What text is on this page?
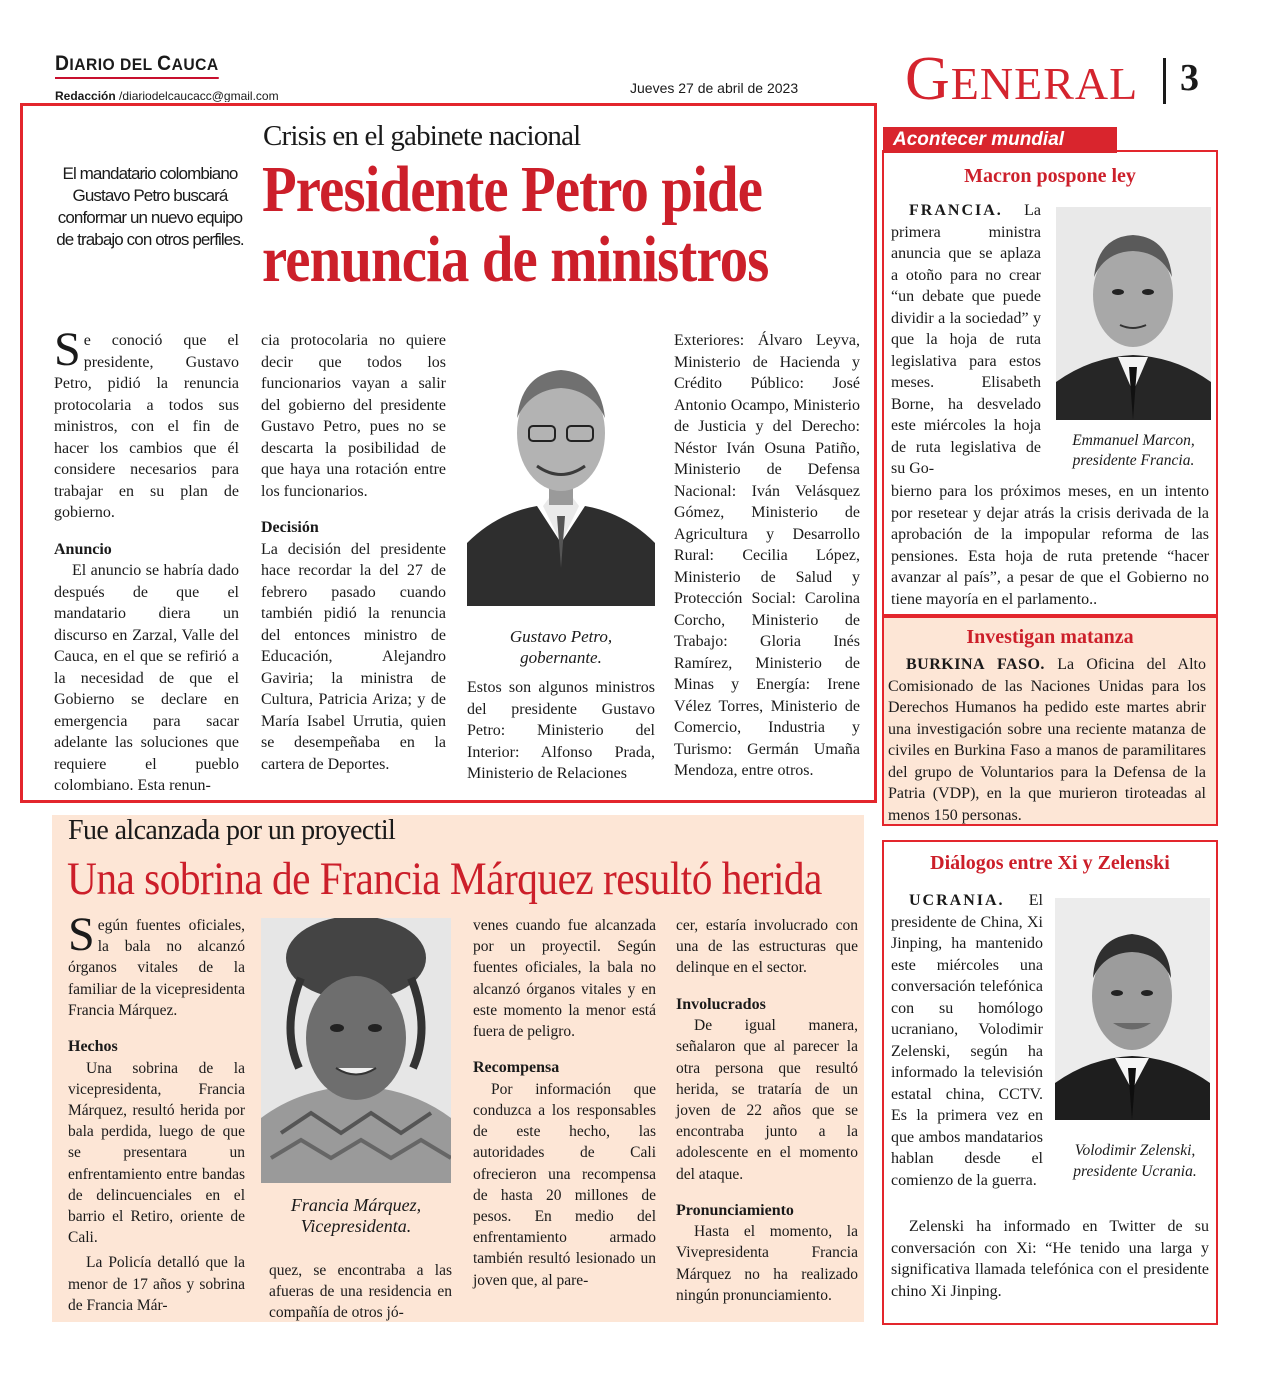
DIARIO DEL CAUCA
Redacción /diariodelcaucacc@gmail.com	Jueves 27 de abril de 2023 GENERAL 3
Crisis en el gabinete nacional
Presidente Petro pide
renuncia de ministros
El mandatario colombiano Gustavo Petro buscará conformar un nuevo equipo de trabajo con otros perfiles.

Se conoció que el presidente, Gustavo Petro, pidió la renuncia protocolaria a todos sus ministros, con el fin de hacer los cambios que él considere necesarios para trabajar en su plan de gobierno.

Anuncio

El anuncio se habría dado después de que el mandatario diera un discurso en Zarzal, Valle del Cauca, en el que se refirió a la necesidad de que el Gobierno se declare en emergencia para sacar adelante las soluciones que requiere el pueblo colombiano. Esta renun-

cia protocolaria no quiere decir que todos los funcionarios vayan a salir del gobierno del presidente Gustavo Petro, pues no se descarta la posibilidad de que haya una rotación entre los funcionarios.

Decisión

La decisión del presidente hace recordar la del 27 de febrero pasado cuando también pidió la renuncia del entonces ministro de Educación, Alejandro Gaviria; la ministra de Cultura, Patricia Ariza; y de María Isabel Urrutia, quien se desempeñaba en la cartera de Deportes.

Gustavo Petro,
gobernante.

Estos son algunos ministros del presidente Gustavo Petro: Ministerio del Interior: Alfonso Prada, Ministerio de Relaciones

Exteriores: Álvaro Leyva, Ministerio de Hacienda y Crédito Público: José Antonio Ocampo, Ministerio de Justicia y del Derecho: Néstor Iván Osuna Patiño, Ministerio de Defensa Nacional: Iván Velásquez Gómez, Ministerio de Agricultura y Desarrollo Rural: Cecilia López, Ministerio de Salud y Protección Social: Carolina Corcho, Ministerio de Trabajo: Gloria Inés Ramírez, Ministerio de Minas y Energía: Irene Vélez Torres, Ministerio de Comercio, Industria y Turismo: Germán Umaña Mendoza, entre otros.

Fue alcanzada por un proyectil
Una sobrina de Francia Márquez resultó herida

Según fuentes oficiales, la bala no alcanzó órganos vitales de la familiar de la vicepresidenta Francia Márquez.

Hechos

Una sobrina de la vicepresidenta, Francia Márquez, resultó herida por bala perdida, luego de que se presentara un enfrentamiento entre bandas de delincuenciales en el barrio el Retiro, oriente de Cali.

La Policía detalló que la menor de 17 años y sobrina de Francia Már-

Francia Márquez,
Vicepresidenta.

quez, se encontraba a las afueras de una residencia en compañía de otros jó-

venes cuando fue alcanzada por un proyectil. Según fuentes oficiales, la bala no alcanzó órganos vitales y en este momento la menor está fuera de peligro.

Recompensa

Por información que conduzca a los responsables de este hecho, las autoridades de Cali ofrecieron una recompensa de hasta 20 millones de pesos. En medio del enfrentamiento armado también resultó lesionado un joven que, al pare-

cer, estaría involucrado con una de las estructuras que delinque en el sector.

Involucrados

De igual manera, señalaron que al parecer la otra persona que resultó herida, se trataría de un joven de 22 años que se encontraba junto a la adolescente en el momento del ataque.

Pronunciamiento

Hasta el momento, la Vivepresidenta Francia Márquez no ha realizado ningún pronunciamiento.

Acontecer mundial
Macron pospone ley
Emmanuel Marcon,
presidente Francia.

FRANCIA. La primera ministra anuncia que se aplaza a otoño para no crear “un debate que puede dividir a la sociedad” y que la hoja de ruta legislativa para estos meses. Elisabeth Borne, ha desvelado este miércoles la hoja de ruta legislativa de su Go-

bierno para los próximos meses, en un intento por resetear y dejar atrás la crisis derivada de la aprobación de la impopular reforma de las pensiones. Esta hoja de ruta pretende “hacer avanzar al país”, a pesar de que el Gobierno no tiene mayoría en el parlamento..

Investigan matanza

BURKINA FASO. La Oficina del Alto Comisionado de las Naciones Unidas para los Derechos Humanos ha pedido este martes abrir una investigación sobre una reciente matanza de civiles en Burkina Faso a manos de paramilitares del grupo de Voluntarios para la Defensa de la Patria (VDP), en la que murieron tiroteadas al menos 150 personas.

Diálogos entre Xi y Zelenski
Volodimir Zelenski,
presidente Ucrania.

UCRANIA. El presidente de China, Xi Jinping, ha mantenido este miércoles una conversación telefónica con su homólogo ucraniano, Volodimir Zelenski, según ha informado la televisión estatal china, CCTV. Es la primera vez en que ambos mandatarios hablan desde el comienzo de la guerra.

Zelenski ha informado en Twitter de su conversación con Xi: “He tenido una larga y significativa llamada telefónica con el presidente chino Xi Jinping.
